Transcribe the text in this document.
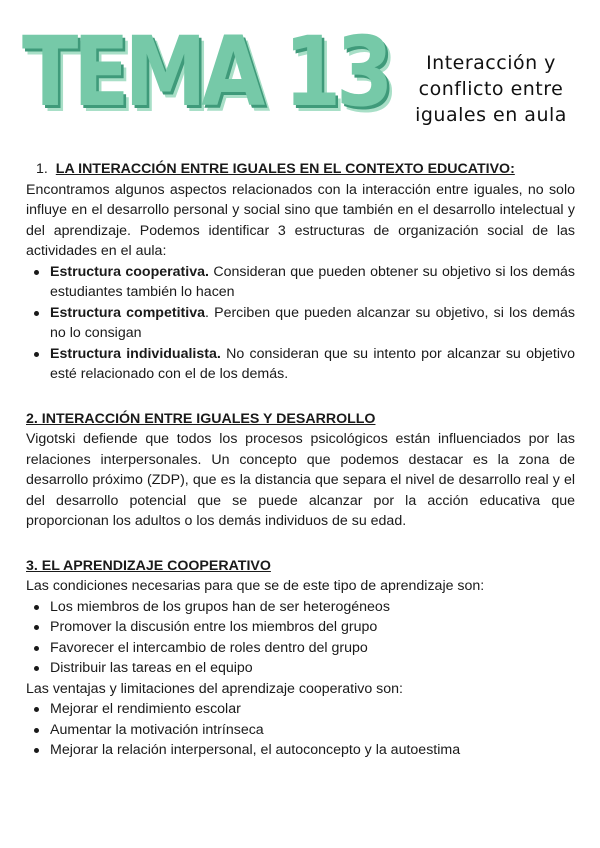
TEMA 13	Interacción y
conflicto entre
iguales en aula
1. LA INTERACCIÓN ENTRE IGUALES EN EL CONTEXTO EDUCATIVO:

Encontramos algunos aspectos relacionados con la interacción entre iguales, no solo influye en el desarrollo personal y social sino que también en el desarrollo intelectual y del aprendizaje. Podemos identificar 3 estructuras de organización social de las actividades en el aula:

Estructura cooperativa. Consideran que pueden obtener su objetivo si los demás estudiantes también lo hacen
Estructura competitiva. Perciben que pueden alcanzar su objetivo, si los demás no lo consigan
Estructura individualista. No consideran que su intento por alcanzar su objetivo esté relacionado con el de los demás.
2. INTERACCIÓN ENTRE IGUALES Y DESARROLLO

Vigotski defiende que todos los procesos psicológicos están influenciados por las relaciones interpersonales. Un concepto que podemos destacar es la zona de desarrollo próximo (ZDP), que es la distancia que separa el nivel de desarrollo real y el del desarrollo potencial que se puede alcanzar por la acción educativa que proporcionan los adultos o los demás individuos de su edad.

3. EL APRENDIZAJE COOPERATIVO

Las condiciones necesarias para que se de este tipo de aprendizaje son:

Los miembros de los grupos han de ser heterogéneos
Promover la discusión entre los miembros del grupo
Favorecer el intercambio de roles dentro del grupo
Distribuir las tareas en el equipo

Las ventajas y limitaciones del aprendizaje cooperativo son:

Mejorar el rendimiento escolar
Aumentar la motivación intrínseca
Mejorar la relación interpersonal, el autoconcepto y la autoestima
